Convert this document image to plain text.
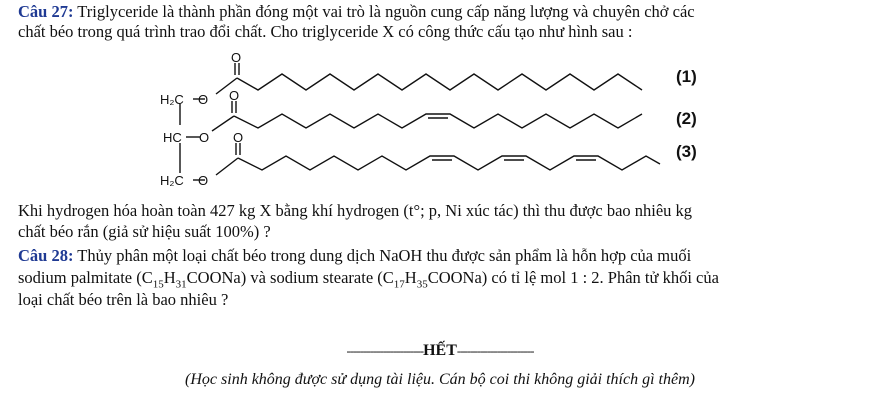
Câu 27: Triglyceride là thành phần đóng một vai trò là nguồn cung cấp năng lượng và chuyên chở các
chất béo trong quá trình trao đổi chất. Cho triglyceride X có công thức cấu tạo như hình sau :
H₂C O
O
HC O
O
H₂C O
O
(1)
(2)
(3)
Khi hydrogen hóa hoàn toàn 427 kg X bằng khí hydrogen (t°; p, Ni xúc tác) thì thu được bao nhiêu kg
chất béo rắn (giả sử hiệu suất 100%) ?
Câu 28: Thủy phân một loại chất béo trong dung dịch NaOH thu được sản phẩm là hỗn hợp của muối
sodium palmitate $(C_{15}H_{31}COONa)$ và sodium stearate $(C_{17}H_{35}COONa)$ có tỉ lệ mol 1 : 2. Phân tử khối của
loại chất béo trên là bao nhiêu ?
-----------------------HẾT-----------------------
(Học sinh không được sử dụng tài liệu. Cán bộ coi thi không giải thích gì thêm)
